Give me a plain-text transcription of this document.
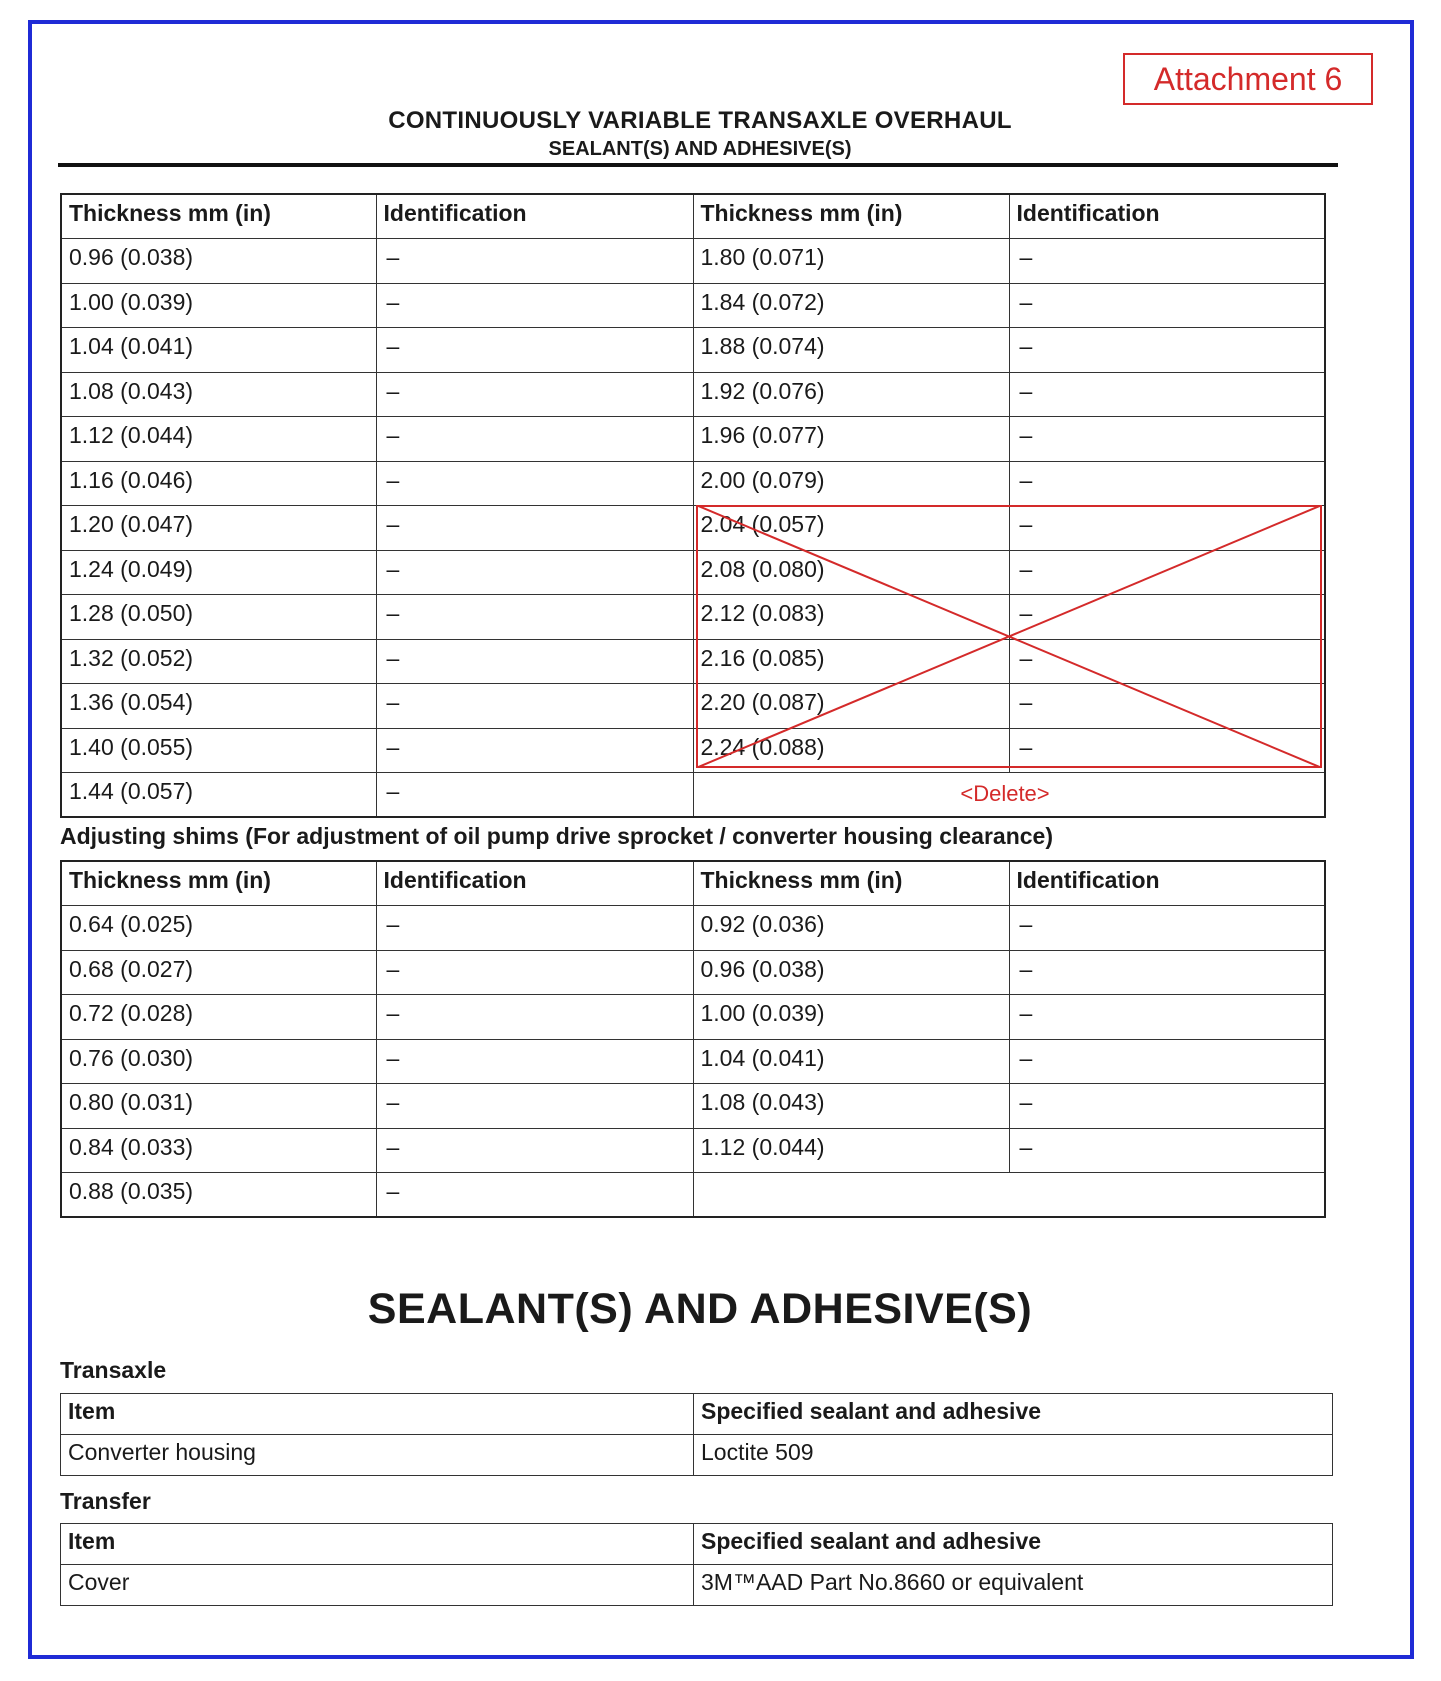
Attachment 6
CONTINUOUSLY VARIABLE TRANSAXLE OVERHAUL
SEALANT(S) AND ADHESIVE(S)
Thickness mm (in)	Identification	Thickness mm (in)	Identification
0.96 (0.038)	–	1.80 (0.071)	–
1.00 (0.039)	–	1.84 (0.072)	–
1.04 (0.041)	–	1.88 (0.074)	–
1.08 (0.043)	–	1.92 (0.076)	–
1.12 (0.044)	–	1.96 (0.077)	–
1.16 (0.046)	–	2.00 (0.079)	–
1.20 (0.047)	–	2.04 (0.057)	–
1.24 (0.049)	–	2.08 (0.080)	–
1.28 (0.050)	–	2.12 (0.083)	–
1.32 (0.052)	–	2.16 (0.085)	–
1.36 (0.054)	–	2.20 (0.087)	–
1.40 (0.055)	–	2.24 (0.088)	–
1.44 (0.057)	–			<Delete>
Adjusting shims (For adjustment of oil pump drive sprocket / converter housing clearance)
Thickness mm (in)	Identification	Thickness mm (in)	Identification
0.64 (0.025)	–	0.92 (0.036)	–
0.68 (0.027)	–	0.96 (0.038)	–
0.72 (0.028)	–	1.00 (0.039)	–
0.76 (0.030)	–	1.04 (0.041)	–
0.80 (0.031)	–	1.08 (0.043)	–
0.84 (0.033)	–	1.12 (0.044)	–
0.88 (0.035)	–		
SEALANT(S) AND ADHESIVE(S)
Transaxle
Item	Specified sealant and adhesive
Converter housing	Loctite 509
Transfer
Item	Specified sealant and adhesive
Cover	3M™AAD Part No.8660 or equivalent
